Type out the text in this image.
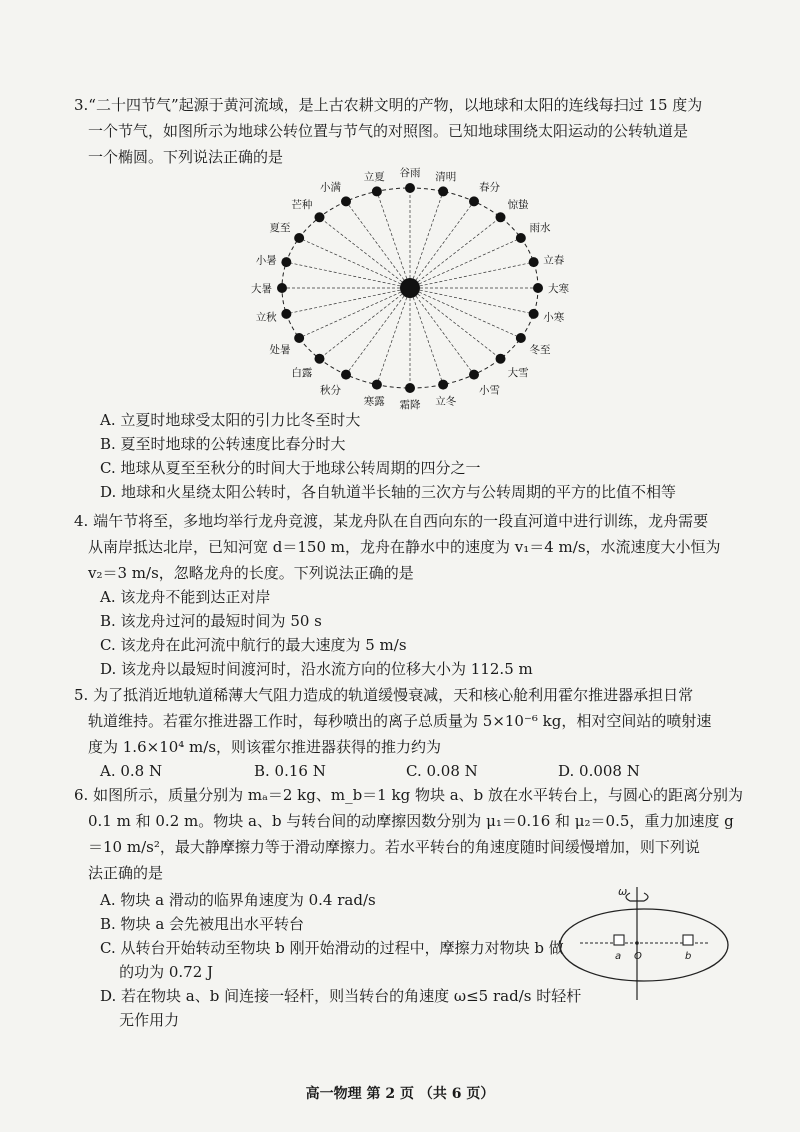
3.“二十四节气”起源于黄河流域，是上古农耕文明的产物，以地球和太阳的连线每扫过 15 度为
一个节气，如图所示为地球公转位置与节气的对照图。已知地球围绕太阳运动的公转轨道是
一个椭圆。下列说法正确的是
立夏 谷雨 清明
春分
惊蛰
雨水
立春
大寒
小寒
冬至
大雪
小雪
立冬
霜降
寒露
秋分
白露
处暑
立秋
大暑
小暑
夏至
芒种
小满
A. 立夏时地球受太阳的引力比冬至时大
B. 夏至时地球的公转速度比春分时大
C. 地球从夏至至秋分的时间大于地球公转周期的四分之一
D. 地球和火星绕太阳公转时，各自轨道半长轴的三次方与公转周期的平方的比值不相等
4. 端午节将至，多地均举行龙舟竞渡，某龙舟队在自西向东的一段直河道中进行训练，龙舟需要
从南岸抵达北岸，已知河宽 d＝150 m，龙舟在静水中的速度为 v₁＝4 m/s，水流速度大小恒为
v₂＝3 m/s，忽略龙舟的长度。下列说法正确的是
A. 该龙舟不能到达正对岸
B. 该龙舟过河的最短时间为 50 s
C. 该龙舟在此河流中航行的最大速度为 5 m/s
D. 该龙舟以最短时间渡河时，沿水流方向的位移大小为 112.5 m
5. 为了抵消近地轨道稀薄大气阻力造成的轨道缓慢衰减，天和核心舱利用霍尔推进器承担日常
轨道维持。若霍尔推进器工作时，每秒喷出的离子总质量为 5×10⁻⁶ kg，相对空间站的喷射速
度为 1.6×10⁴ m/s，则该霍尔推进器获得的推力约为
A. 0.8 N	B. 0.16 N	C. 0.08 N	D. 0.008 N
6. 如图所示，质量分别为 mₐ＝2 kg、m_b＝1 kg 物块 a、b 放在水平转台上，与圆心的距离分别为
0.1 m 和 0.2 m。物块 a、b 与转台间的动摩擦因数分别为 μ₁＝0.16 和 μ₂＝0.5，重力加速度 g
＝10 m/s²，最大静摩擦力等于滑动摩擦力。若水平转台的角速度随时间缓慢增加，则下列说
法正确的是
A. 物块 a 滑动的临界角速度为 0.4 rad/s
B. 物块 a 会先被甩出水平转台
C. 从转台开始转动至物块 b 刚开始滑动的过程中，摩擦力对物块 b 做
的功为 0.72 J
D. 若在物块 a、b 间连接一轻杆，则当转台的角速度 ω≤5 rad/s 时轻杆
无作用力
ω
a O	b
高一物理 第 2 页 （共 6 页）
